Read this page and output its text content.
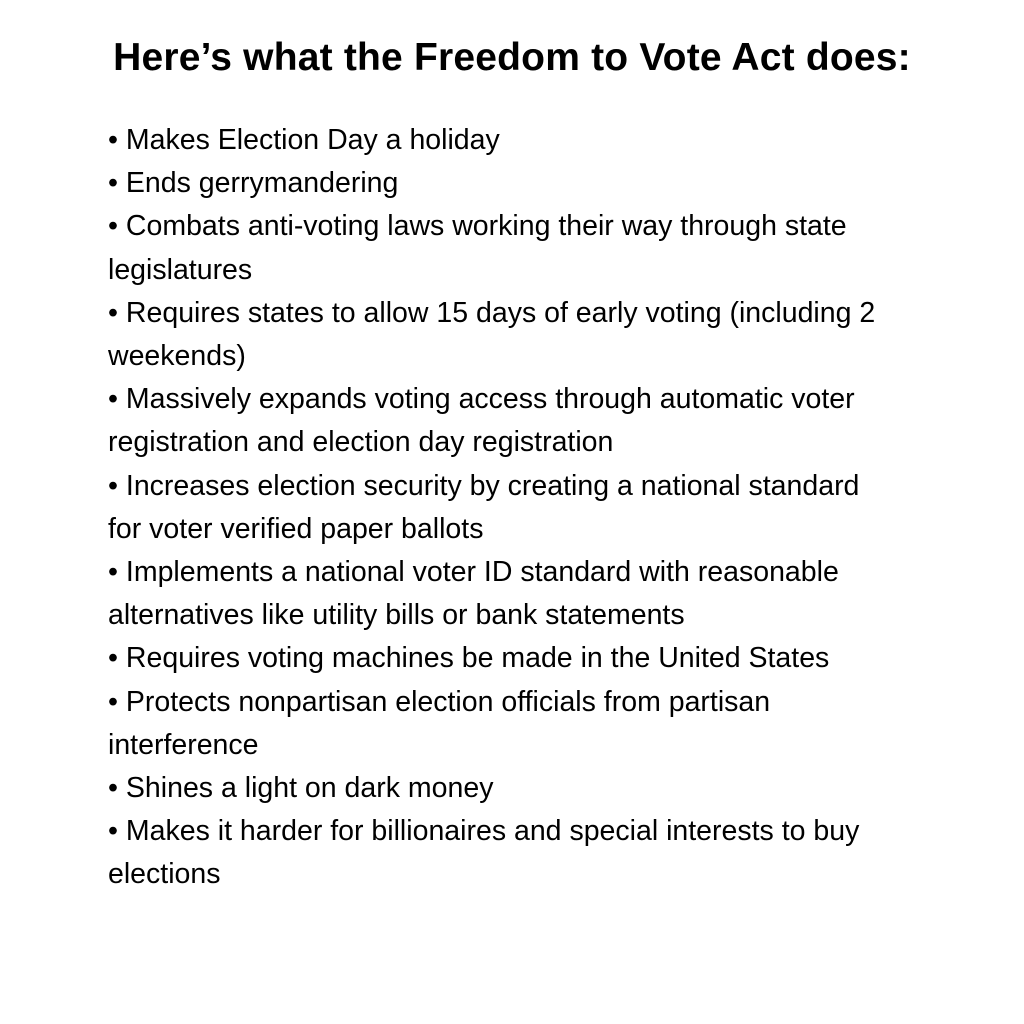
Here’s what the Freedom to Vote Act does:
• Makes Election Day a holiday
• Ends gerrymandering
• Combats anti-voting laws working their way through state legislatures
• Requires states to allow 15 days of early voting (including 2 weekends)
• Massively expands voting access through automatic voter registration and election day registration
• Increases election security by creating a national standard for voter verified paper ballots
• Implements a national voter ID standard with reasonable alternatives like utility bills or bank statements
• Requires voting machines be made in the United States
• Protects nonpartisan election officials from partisan interference
• Shines a light on dark money
• Makes it harder for billionaires and special interests to buy elections
